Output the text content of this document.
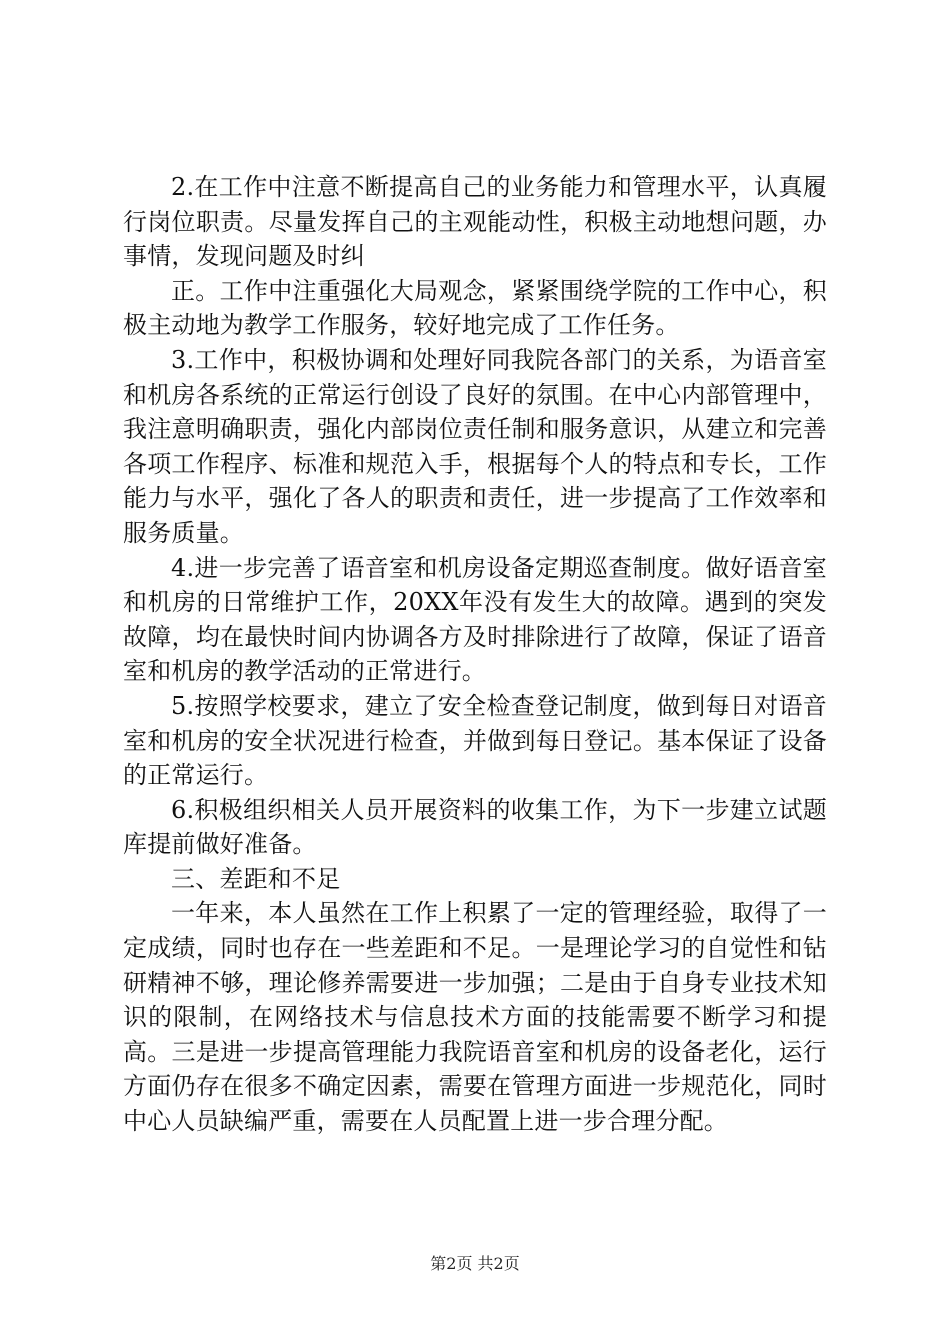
2.在工作中注意不断提高自己的业务能力和管理水平，认真履行岗位职责。尽量发挥自己的主观能动性，积极主动地想问题，办事情，发现问题及时纠

正。工作中注重强化大局观念，紧紧围绕学院的工作中心，积极主动地为教学工作服务，较好地完成了工作任务。

3.工作中，积极协调和处理好同我院各部门的关系，为语音室和机房各系统的正常运行创设了良好的氛围。在中心内部管理中，我注意明确职责，强化内部岗位责任制和服务意识，从建立和完善各项工作程序、标准和规范入手，根据每个人的特点和专长，工作能力与水平，强化了各人的职责和责任，进一步提高了工作效率和服务质量。

4.进一步完善了语音室和机房设备定期巡查制度。做好语音室和机房的日常维护工作，20XX年没有发生大的故障。遇到的突发故障，均在最快时间内协调各方及时排除进行了故障，保证了语音室和机房的教学活动的正常进行。

5.按照学校要求，建立了安全检查登记制度，做到每日对语音室和机房的安全状况进行检查，并做到每日登记。基本保证了设备的正常运行。

6.积极组织相关人员开展资料的收集工作，为下一步建立试题库提前做好准备。

三、差距和不足

一年来，本人虽然在工作上积累了一定的管理经验，取得了一定成绩，同时也存在一些差距和不足。一是理论学习的自觉性和钻研精神不够，理论修养需要进一步加强；二是由于自身专业技术知识的限制，在网络技术与信息技术方面的技能需要不断学习和提高。三是进一步提高管理能力我院语音室和机房的设备老化，运行方面仍存在很多不确定因素，需要在管理方面进一步规范化，同时中心人员缺编严重，需要在人员配置上进一步合理分配。

第2页 共2页
